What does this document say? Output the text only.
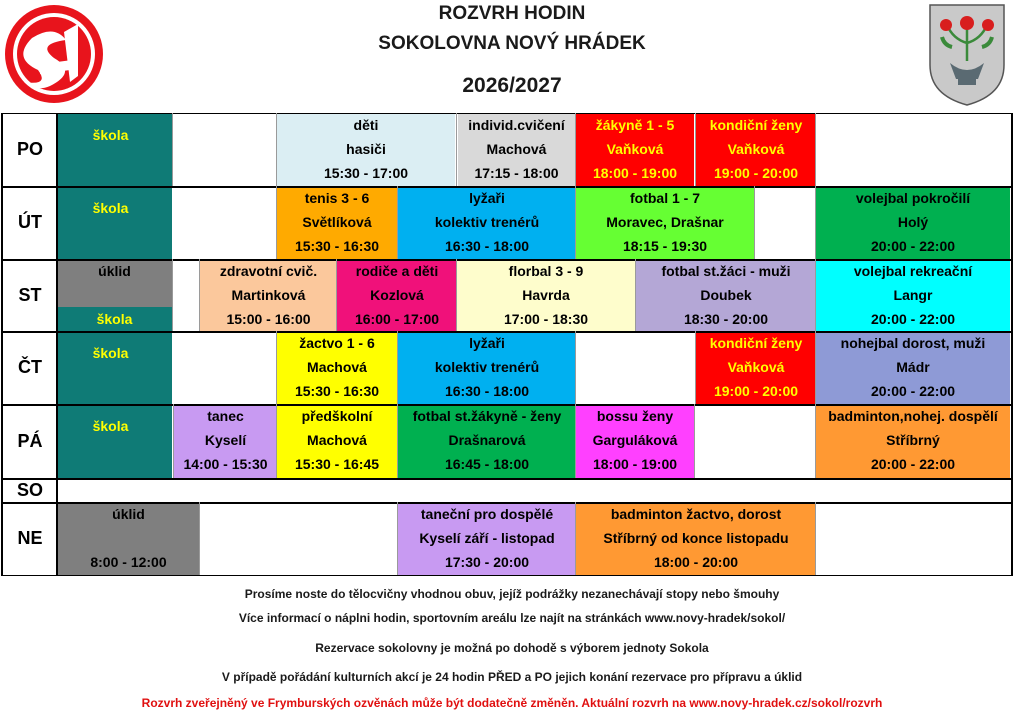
ROZVRH HODIN
SOKOLOVNA NOVÝ HRÁDEK
2026/2027
PO
ÚT
ST
ČT
PÁ
SO
NE
škola
děti
hasiči
15:30 - 17:00
individ.cvičení
Machová
17:15 - 18:00
žákyně 1 - 5
Vaňková
18:00 - 19:00
kondiční ženy
Vaňková
19:00 - 20:00
škola
tenis 3 - 6
Světlíková
15:30 - 16:30
lyžaři
kolektiv trenérů
16:30 - 18:00
fotbal 1 - 7
Moravec, Drašnar
18:15 - 19:30
volejbal pokročilí
Holý
20:00 - 22:00
úklid
škola
zdravotní cvič.
Martinková
15:00 - 16:00
rodiče a děti
Kozlová
16:00 - 17:00
florbal 3 - 9
Havrda
17:00 - 18:30
fotbal st.žáci - muži
Doubek
18:30 - 20:00
volejbal rekreační
Langr
20:00 - 22:00
škola
žactvo 1 - 6
Machová
15:30 - 16:30
lyžaři
kolektiv trenérů
16:30 - 18:00
kondiční ženy
Vaňková
19:00 - 20:00
nohejbal dorost, muži
Mádr
20:00 - 22:00
škola
tanec
Kyselí
14:00 - 15:30
předškolní
Machová
15:30 - 16:45
fotbal st.žákyně - ženy
Drašnarová
16:45 - 18:00
bossu ženy
Garguláková
18:00 - 19:00
badminton,nohej. dospělí
Stříbrný
20:00 - 22:00
úklid
8:00 - 12:00
taneční pro dospělé
Kyselí září - listopad
17:30 - 20:00
badminton žactvo, dorost
Stříbrný od konce listopadu
18:00 - 20:00
Prosíme noste do tělocvičny vhodnou obuv, jejíž podrážky nezanechávají stopy nebo šmouhy
Více informací o náplni hodin, sportovním areálu lze najít na stránkách www.novy-hradek/sokol/
Rezervace sokolovny je možná po dohodě s výborem jednoty Sokola
V případě pořádání kulturních akcí je 24 hodin PŘED a PO jejich konání rezervace pro přípravu a úklid
Rozvrh zveřejněný ve Frymburských ozvěnách může být dodatečně změněn. Aktuální rozvrh na www.novy-hradek.cz/sokol/rozvrh
